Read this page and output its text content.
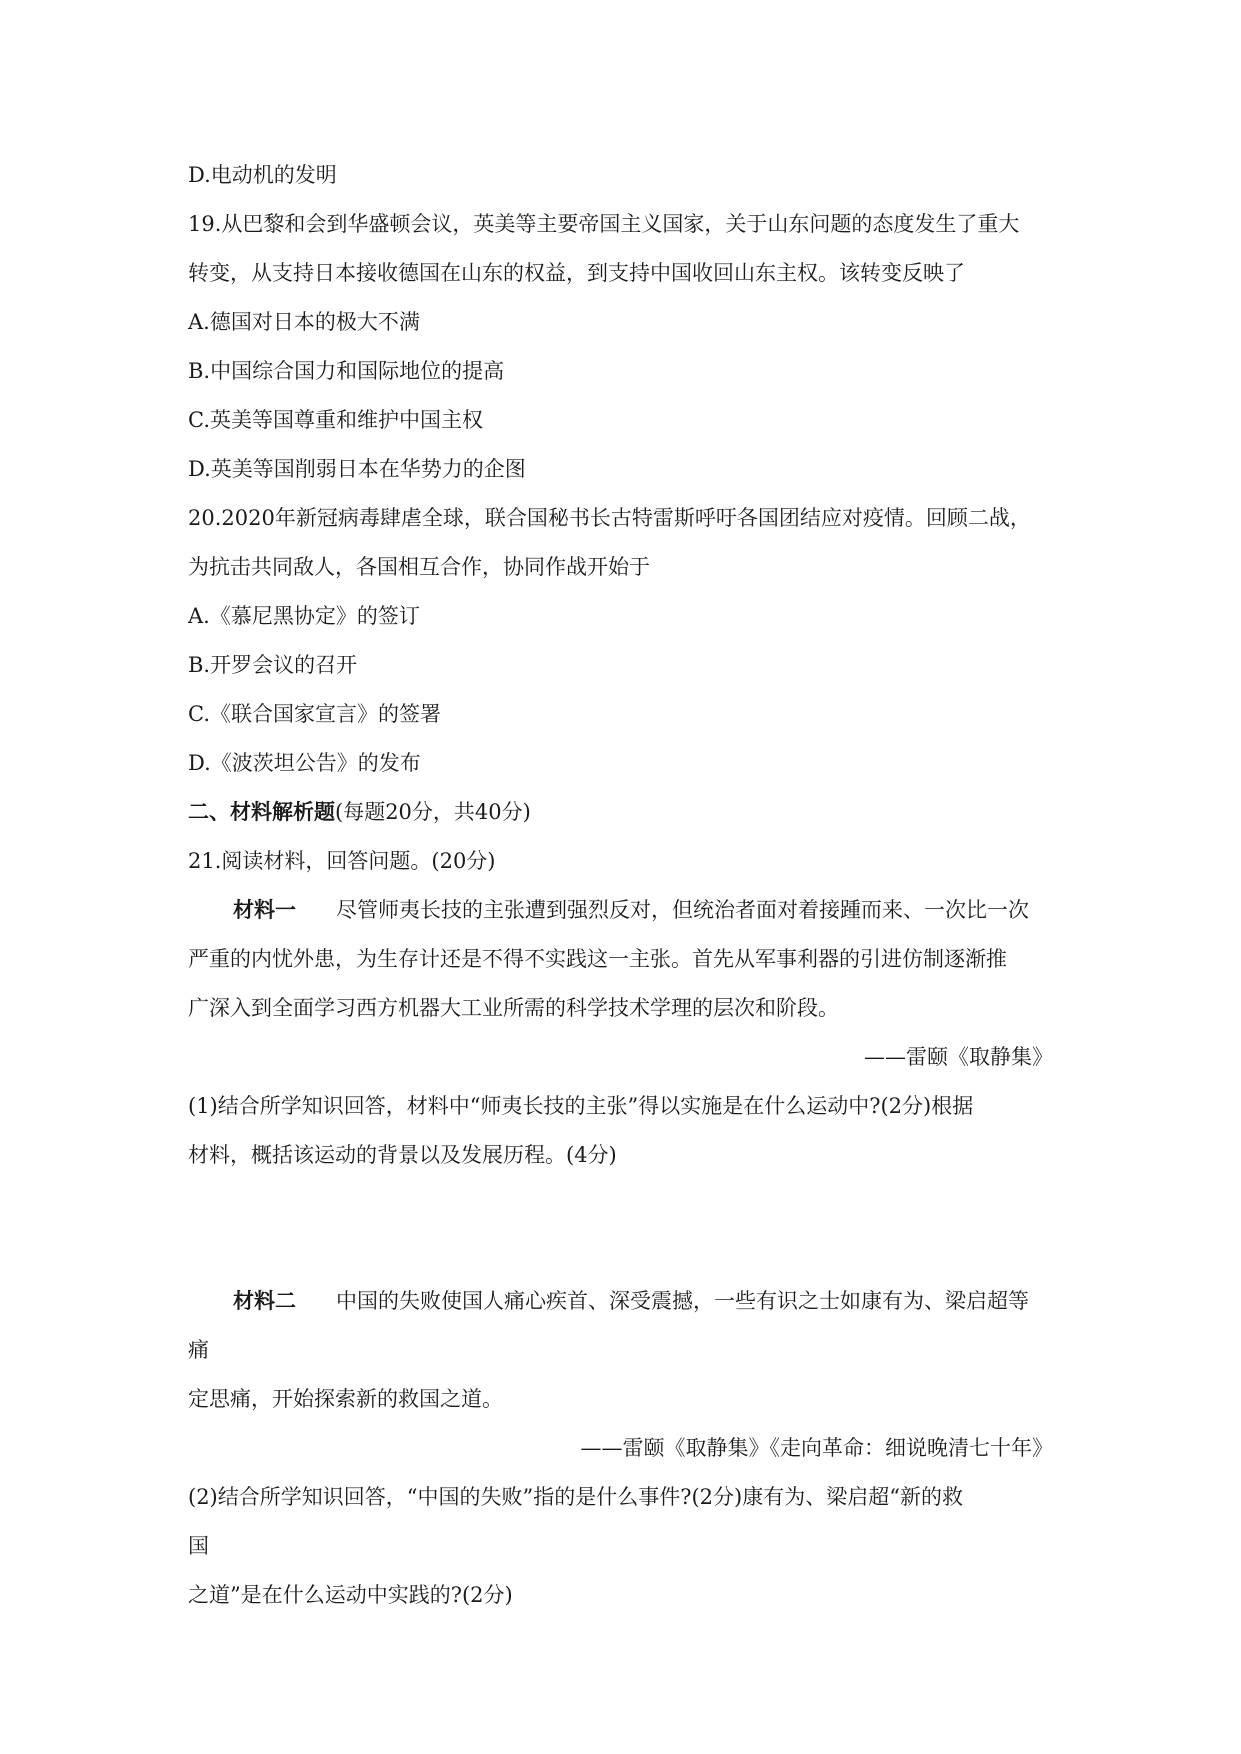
D.电动机的发明
19.从巴黎和会到华盛顿会议，英美等主要帝国主义国家，关于山东问题的态度发生了重大
转变，从支持日本接收德国在山东的权益，到支持中国收回山东主权。该转变反映了
A.德国对日本的极大不满
B.中国综合国力和国际地位的提高
C.英美等国尊重和维护中国主权
D.英美等国削弱日本在华势力的企图
20.2020年新冠病毒肆虐全球，联合国秘书长古特雷斯呼吁各国团结应对疫情。回顾二战，
为抗击共同敌人，各国相互合作，协同作战开始于
A.《慕尼黑协定》的签订
B.开罗会议的召开
C.《联合国家宣言》的签署
D.《波茨坦公告》的发布
二、材料解析题(每题20分，共40分)
21.阅读材料，回答问题。(20分)
材料一 尽管师夷长技的主张遭到强烈反对，但统治者面对着接踵而来、一次比一次
严重的内忧外患，为生存计还是不得不实践这一主张。首先从军事利器的引进仿制逐渐推
广深入到全面学习西方机器大工业所需的科学技术学理的层次和阶段。
——雷颐《取静集》
(1)结合所学知识回答，材料中“师夷长技的主张”得以实施是在什么运动中?(2分)根据
材料，概括该运动的背景以及发展历程。(4分)
材料二 中国的失败使国人痛心疾首、深受震撼，一些有识之士如康有为、梁启超等
痛
定思痛，开始探索新的救国之道。
——雷颐《取静集》《走向革命：细说晚清七十年》
(2)结合所学知识回答，“中国的失败”指的是什么事件?(2分)康有为、梁启超“新的救
国
之道”是在什么运动中实践的?(2分)
